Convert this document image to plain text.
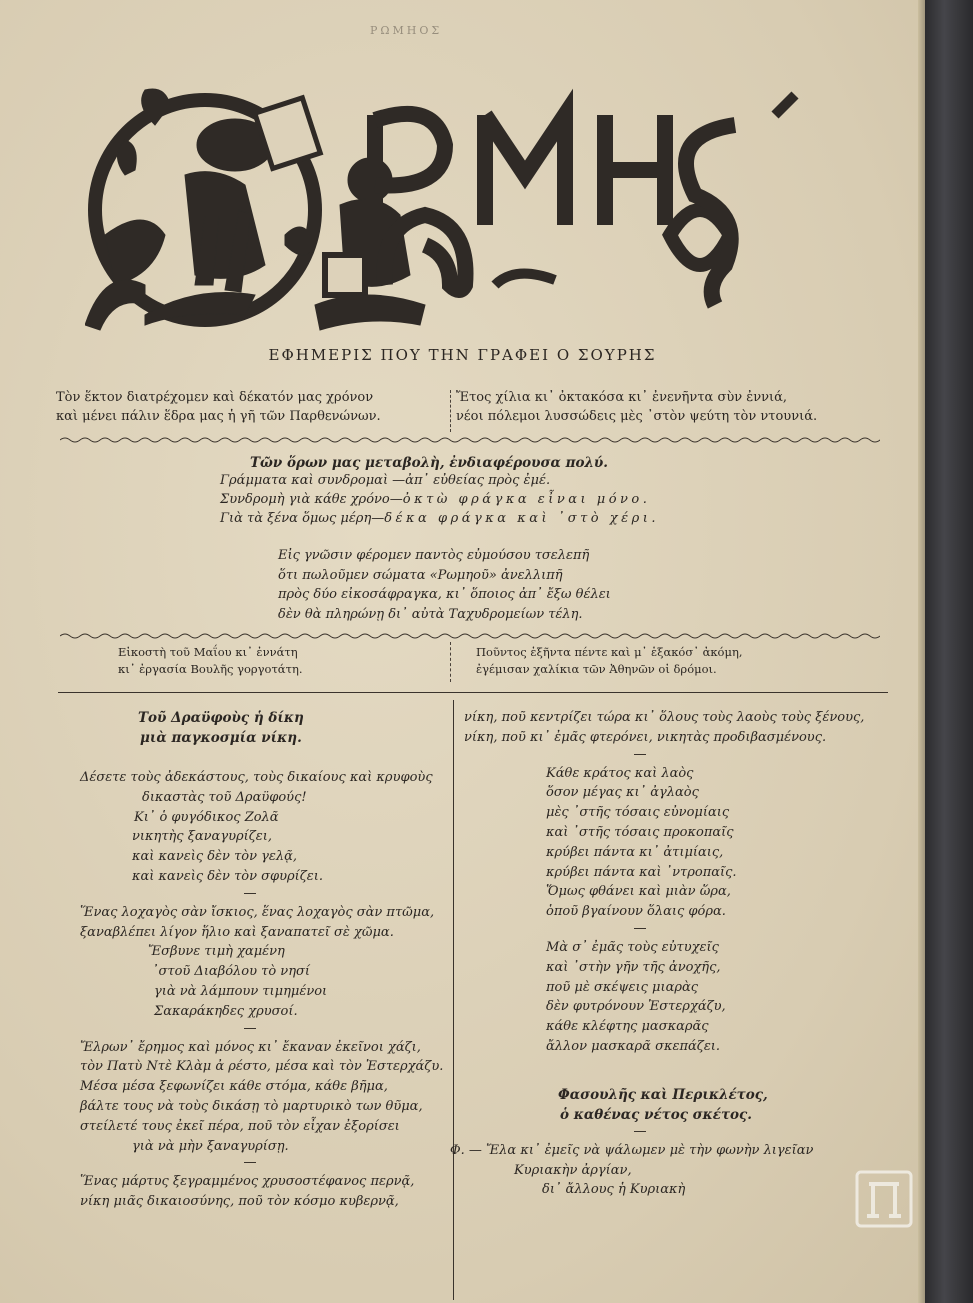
ΡΩΜΗΟΣ
ΕΦΗΜΕΡΙΣ ΠΟΥ ΤΗΝ ΓΡΑΦΕΙ Ο ΣΟΥΡΗΣ
Τὸν ἕκτον διατρέχομεν καὶ δέκατόν μας χρόνον
καὶ μένει πάλιν ἕδρα μας ἡ γῆ τῶν Παρθενώνων.
Ἔτος χίλια κι᾽ ὀκτακόσα κι᾽ ἐνενῆντα σὺν ἐννιά,
νέοι πόλεμοι λυσσώδεις μὲς ᾽στὸν ψεύτη τὸν ντουνιά.
Τῶν ὅρων μας μεταβολὴ, ἐνδιαφέρουσα πολύ.
Γράμματα καὶ συνδρομαὶ —ἀπ᾽ εὐθείας πρὸς ἐμέ.
Συνδρομὴ γιὰ κάθε χρόνο—ὀκτὼ φράγκα εἶναι μόνο.
Γιὰ τὰ ξένα ὅμως μέρη—δέκα φράγκα καὶ ᾽στὸ χέρι.
Εἰς γνῶσιν φέρομεν παντὸς εὐμούσου τσελεπῆ
ὅτι πωλοῦμεν σώματα «Ρωμηοῦ» ἀνελλιπῆ
πρὸς δύο εἰκοσάφραγκα, κι᾽ ὅποιος ἀπ᾽ ἔξω θέλει
δὲν θὰ πληρώνῃ δι᾽ αὐτὰ Ταχυδρομείων τέλη.
Εἰκοστὴ τοῦ Μαΐου κι᾽ ἐννάτη
κι᾽ ἐργασία Βουλῆς γοργοτάτη.
Ποῦντος ἑξῆντα πέντε καὶ μ᾽ ἑξακόσ᾽ ἀκόμη,
ἐγέμισαν χαλίκια τῶν Ἀθηνῶν οἱ δρόμοι.
Τοῦ Δραϋφοὺς ἡ δίκη
μιὰ παγκοσμία νίκη.
Δέσετε τοὺς ἀδεκάστους, τοὺς δικαίους καὶ κρυφοὺς
δικαστὰς τοῦ Δραϋφούς!
Κι᾽ ὁ φυγόδικος Ζολᾶ
νικητὴς ξαναγυρίζει,
καὶ κανεὶς δὲν τὸν γελᾷ,
καὶ κανεὶς δὲν τὸν σφυρίζει.
Ἕνας λοχαγὸς σὰν ἴσκιος, ἕνας λοχαγὸς σὰν πτῶμα,
ξαναβλέπει λίγον ἥλιο καὶ ξαναπατεῖ σὲ χῶμα.
Ἔσβυνε τιμὴ χαμένη
᾽στοῦ Διαβόλου τὸ νησί
γιὰ νὰ λάμπουν τιμημένοι
Σακαράκηδες χρυσοί.
Ἔλρων᾽ ἔρημος καὶ μόνος κι᾽ ἔκαναν ἐκεῖνοι χάζι,
τὸν Πατὺ Ντὲ Κλὰμ ἀ ρέστο, μέσα καὶ τὸν Ἐστερχάζυ.
Μέσα μέσα ξεφωνίζει κάθε στόμα, κάθε βῆμα,
βάλτε τους νὰ τοὺς δικάσῃ τὸ μαρτυρικὸ των θῦμα,
στείλετέ τους ἐκεῖ πέρα, ποῦ τὸν εἶχαν ἐξορίσει
γιὰ νὰ μὴν ξαναγυρίσῃ.
Ἕνας μάρτυς ξεγραμμένος χρυσοστέφανος περνᾷ,
νίκη μιᾶς δικαιοσύνης, ποῦ τὸν κόσμο κυβερνᾷ,
νίκη, ποῦ κεντρίζει τώρα κι᾽ ὅλους τοὺς λαοὺς τοὺς ξένους,
νίκη, ποῦ κι᾽ ἐμᾶς φτερόνει, νικητὰς προδιβασμένους.
Κάθε κράτος καὶ λαὸς
ὅσον μέγας κι᾽ ἀγλαὸς
μὲς ᾽στῆς τόσαις εὐνομίαις
καὶ ᾽στῆς τόσαις προκοπαῖς
κρύβει πάντα κι᾽ ἀτιμίαις,
κρύβει πάντα καὶ ᾽ντροπαῖς.
Ὅμως φθάνει καὶ μιὰν ὥρα,
ὁποῦ βγαίνουν ὅλαις φόρα.
Μὰ σ᾽ ἐμᾶς τοὺς εὐτυχεῖς
καὶ ᾽στὴν γῆν τῆς ἀνοχῆς,
ποῦ μὲ σκέψεις μιαρὰς
δὲν φυτρόνουν Ἐστερχάζυ,
κάθε κλέφτης μασκαρᾶς
ἄλλον μασκαρᾶ σκεπάζει.
Φασουλῆς καὶ Περικλέτος,
ὁ καθένας νέτος σκέτος.
Φ. — Ἔλα κι᾽ ἐμεῖς νὰ ψάλωμεν μὲ τὴν φωνὴν λιγεῖαν
Κυριακὴν ἀργίαν,
δι᾽ ἄλλους ἡ Κυριακὴ
